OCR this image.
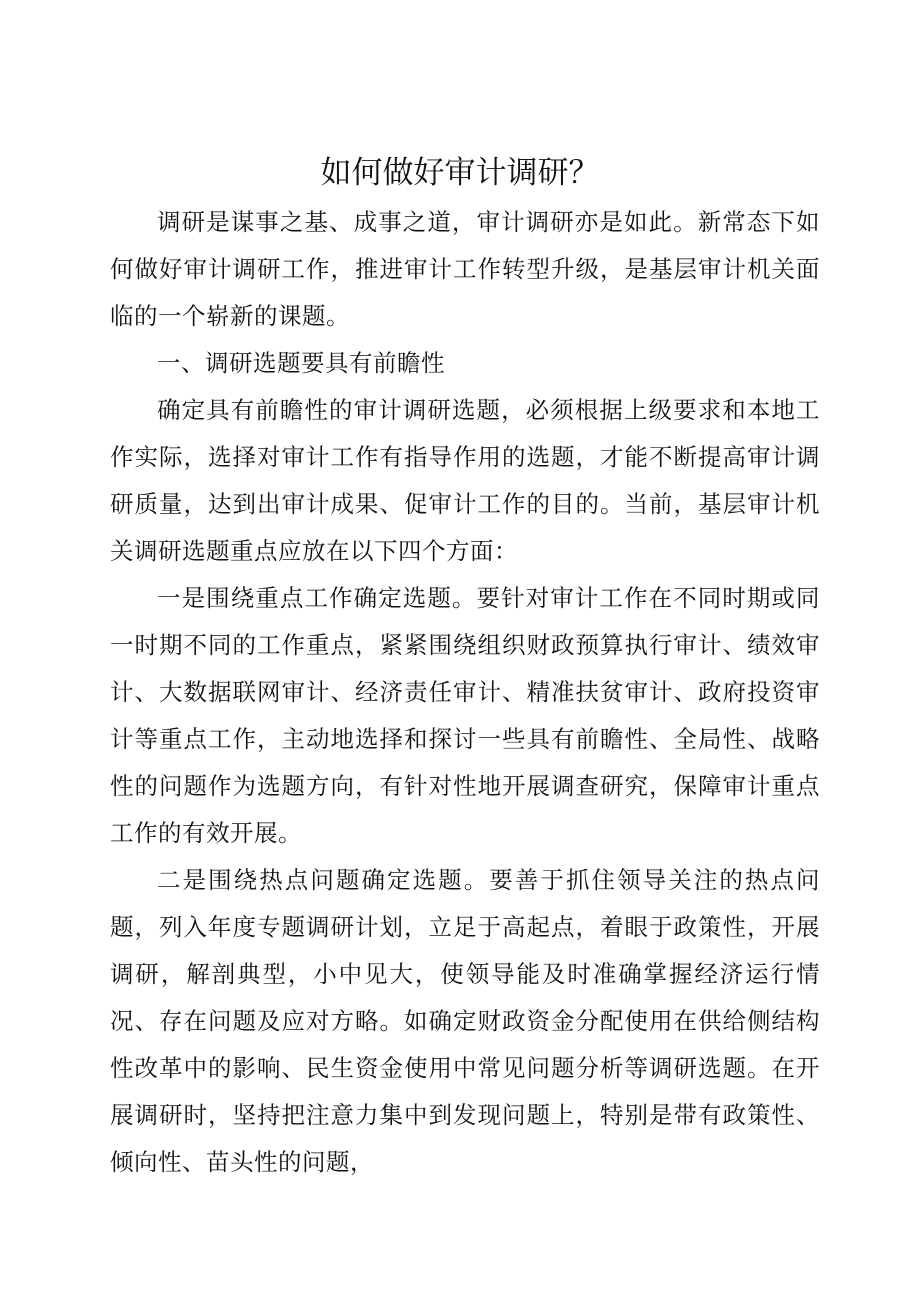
如何做好审计调研？

调研是谋事之基、成事之道，审计调研亦是如此。新常态下如何做好审计调研工作，推进审计工作转型升级，是基层审计机关面临的一个崭新的课题。

一、调研选题要具有前瞻性

确定具有前瞻性的审计调研选题，必须根据上级要求和本地工作实际，选择对审计工作有指导作用的选题，才能不断提高审计调研质量，达到出审计成果、促审计工作的目的。当前，基层审计机关调研选题重点应放在以下四个方面：

一是围绕重点工作确定选题。要针对审计工作在不同时期或同一时期不同的工作重点，紧紧围绕组织财政预算执行审计、绩效审计、大数据联网审计、经济责任审计、精准扶贫审计、政府投资审计等重点工作，主动地选择和探讨一些具有前瞻性、全局性、战略性的问题作为选题方向，有针对性地开展调查研究，保障审计重点工作的有效开展。

二是围绕热点问题确定选题。要善于抓住领导关注的热点问题，列入年度专题调研计划，立足于高起点，着眼于政策性，开展调研，解剖典型，小中见大，使领导能及时准确掌握经济运行情况、存在问题及应对方略。如确定财政资金分配使用在供给侧结构性改革中的影响、民生资金使用中常见问题分析等调研选题。在开展调研时，坚持把注意力集中到发现问题上，特别是带有政策性、倾向性、苗头性的问题，
